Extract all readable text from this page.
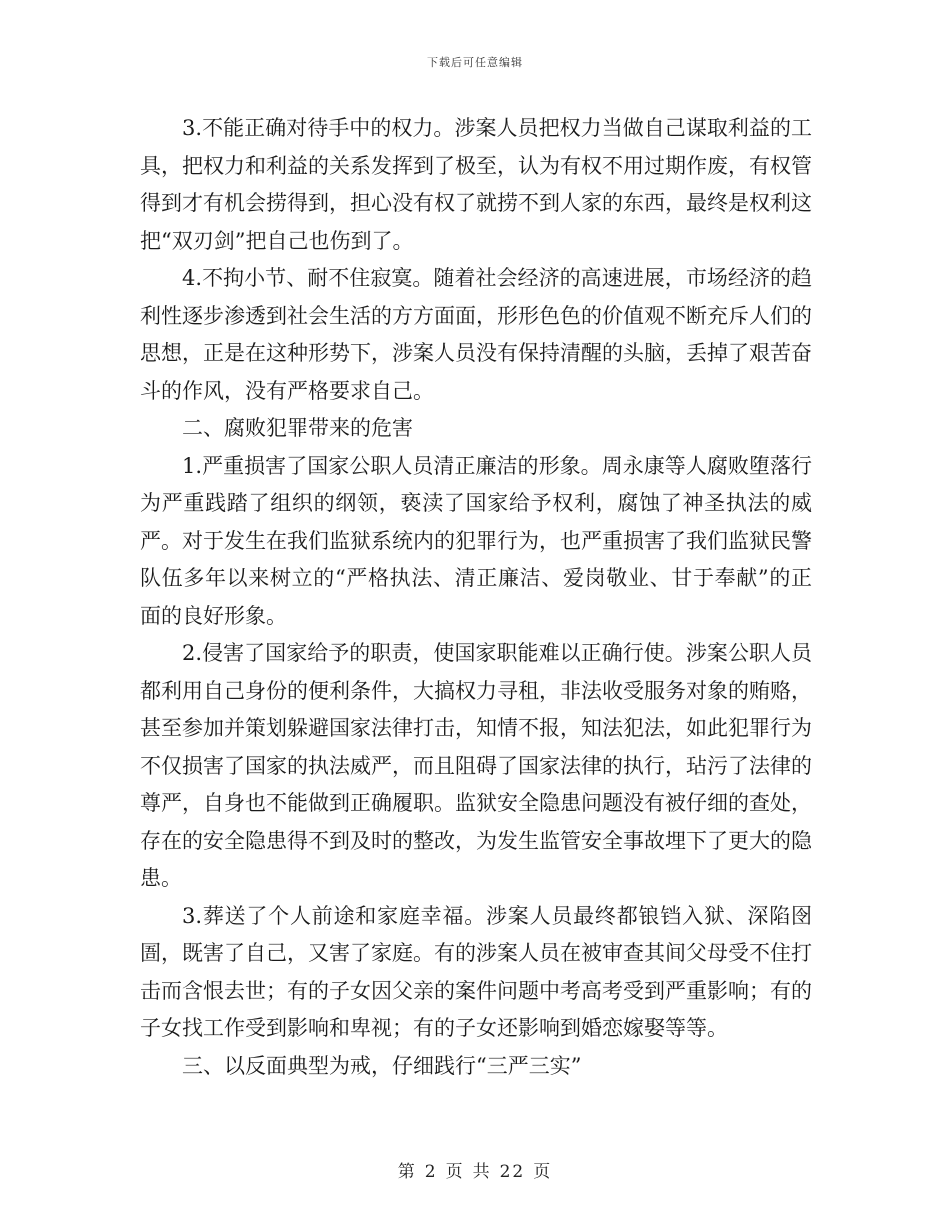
下载后可任意编辑

3.不能正确对待手中的权力。涉案人员把权力当做自己谋取利益的工具，把权力和利益的关系发挥到了极至，认为有权不用过期作废，有权管得到才有机会捞得到，担心没有权了就捞不到人家的东西，最终是权利这把“双刃剑”把自己也伤到了。

4.不拘小节、耐不住寂寞。随着社会经济的高速进展，市场经济的趋利性逐步渗透到社会生活的方方面面，形形色色的价值观不断充斥人们的思想，正是在这种形势下，涉案人员没有保持清醒的头脑，丢掉了艰苦奋斗的作风，没有严格要求自己。

二、腐败犯罪带来的危害

1.严重损害了国家公职人员清正廉洁的形象。周永康等人腐败堕落行为严重践踏了组织的纲领，亵渎了国家给予权利，腐蚀了神圣执法的威严。对于发生在我们监狱系统内的犯罪行为，也严重损害了我们监狱民警队伍多年以来树立的“严格执法、清正廉洁、爱岗敬业、甘于奉献”的正面的良好形象。

2.侵害了国家给予的职责，使国家职能难以正确行使。涉案公职人员都利用自己身份的便利条件，大搞权力寻租，非法收受服务对象的贿赂，甚至参加并策划躲避国家法律打击，知情不报，知法犯法，如此犯罪行为不仅损害了国家的执法威严，而且阻碍了国家法律的执行，玷污了法律的尊严，自身也不能做到正确履职。监狱安全隐患问题没有被仔细的查处，存在的安全隐患得不到及时的整改，为发生监管安全事故埋下了更大的隐患。

3.葬送了个人前途和家庭幸福。涉案人员最终都锒铛入狱、深陷囹圄，既害了自己，又害了家庭。有的涉案人员在被审查其间父母受不住打击而含恨去世；有的子女因父亲的案件问题中考高考受到严重影响；有的子女找工作受到影响和卑视；有的子女还影响到婚恋嫁娶等等。

三、以反面典型为戒，仔细践行“三严三实”

第 2 页 共 22 页
